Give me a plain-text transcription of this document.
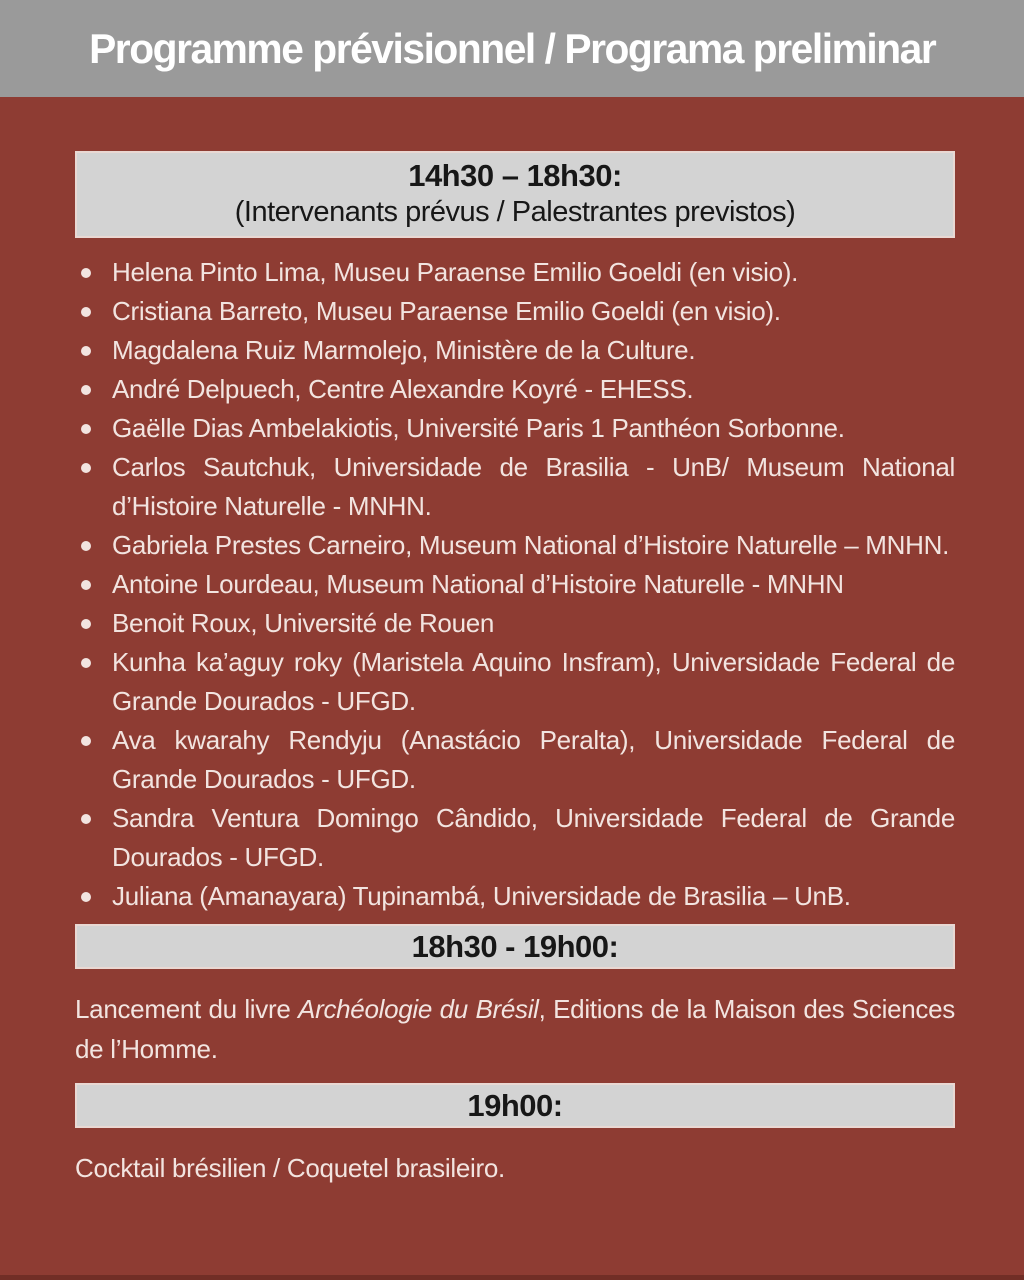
Programme prévisionnel / Programa preliminar
14h30 – 18h30:
(Intervenants prévus / Palestrantes previstos)
Helena Pinto Lima, Museu Paraense Emilio Goeldi (en visio).
Cristiana Barreto, Museu Paraense Emilio Goeldi (en visio).
Magdalena Ruiz Marmolejo, Ministère de la Culture.
André Delpuech, Centre Alexandre Koyré - EHESS.
Gaëlle Dias Ambelakiotis, Université Paris 1 Panthéon Sorbonne.
Carlos Sautchuk, Universidade de Brasilia - UnB/ Museum National d’Histoire Naturelle - MNHN.
Gabriela Prestes Carneiro, Museum National d’Histoire Naturelle – MNHN.
Antoine Lourdeau, Museum National d’Histoire Naturelle - MNHN
Benoit Roux, Université de Rouen
Kunha ka’aguy roky (Maristela Aquino Insfram), Universidade Federal de Grande Dourados - UFGD.
Ava kwarahy Rendyju (Anastácio Peralta), Universidade Federal de Grande Dourados - UFGD.
Sandra Ventura Domingo Cândido, Universidade Federal de Grande Dourados - UFGD.
Juliana (Amanayara) Tupinambá, Universidade de Brasilia – UnB.
18h30 - 19h00:

Lancement du livre Archéologie du Brésil, Editions de la Maison des Sciences de l’Homme.

19h00:

Cocktail brésilien / Coquetel brasileiro.
